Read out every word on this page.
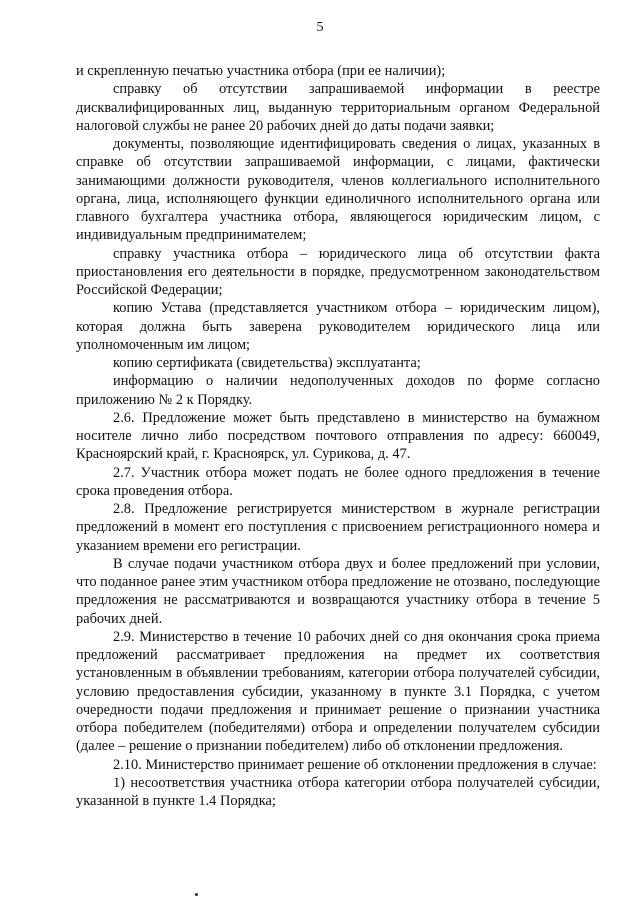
5

и скрепленную печатью участника отбора (при ее наличии);

справку об отсутствии запрашиваемой информации в реестре дисквалифицированных лиц, выданную территориальным органом Федеральной налоговой службы не ранее 20 рабочих дней до даты подачи заявки;

документы, позволяющие идентифицировать сведения о лицах, указанных в справке об отсутствии запрашиваемой информации, с лицами, фактически занимающими должности руководителя, членов коллегиального исполнительного органа, лица, исполняющего функции единоличного исполнительного органа или главного бухгалтера участника отбора, являющегося юридическим лицом, с индивидуальным предпринимателем;

справку участника отбора – юридического лица об отсутствии факта приостановления его деятельности в порядке, предусмотренном законодательством Российской Федерации;

копию Устава (представляется участником отбора – юридическим лицом), которая должна быть заверена руководителем юридического лица или уполномоченным им лицом;

копию сертификата (свидетельства) эксплуатанта;

информацию о наличии недополученных доходов по форме согласно приложению № 2 к Порядку.

2.6. Предложение может быть представлено в министерство на бумажном носителе лично либо посредством почтового отправления по адресу: 660049, Красноярский край, г. Красноярск, ул. Сурикова, д. 47.

2.7. Участник отбора может подать не более одного предложения в течение срока проведения отбора.

2.8. Предложение регистрируется министерством в журнале регистрации предложений в момент его поступления с присвоением регистрационного номера и указанием времени его регистрации.

В случае подачи участником отбора двух и более предложений при условии, что поданное ранее этим участником отбора предложение не отозвано, последующие предложения не рассматриваются и возвращаются участнику отбора в течение 5 рабочих дней.

2.9. Министерство в течение 10 рабочих дней со дня окончания срока приема предложений рассматривает предложения на предмет их соответствия установленным в объявлении требованиям, категории отбора получателей субсидии, условию предоставления субсидии, указанному в пункте 3.1 Порядка, с учетом очередности подачи предложения и принимает решение о признании участника отбора победителем (победителями) отбора и определении получателем субсидии (далее – решение о признании победителем) либо об отклонении предложения.

2.10. Министерство принимает решение об отклонении предложения в случае:

1) несоответствия участника отбора категории отбора получателей субсидии, указанной в пункте 1.4 Порядка;
